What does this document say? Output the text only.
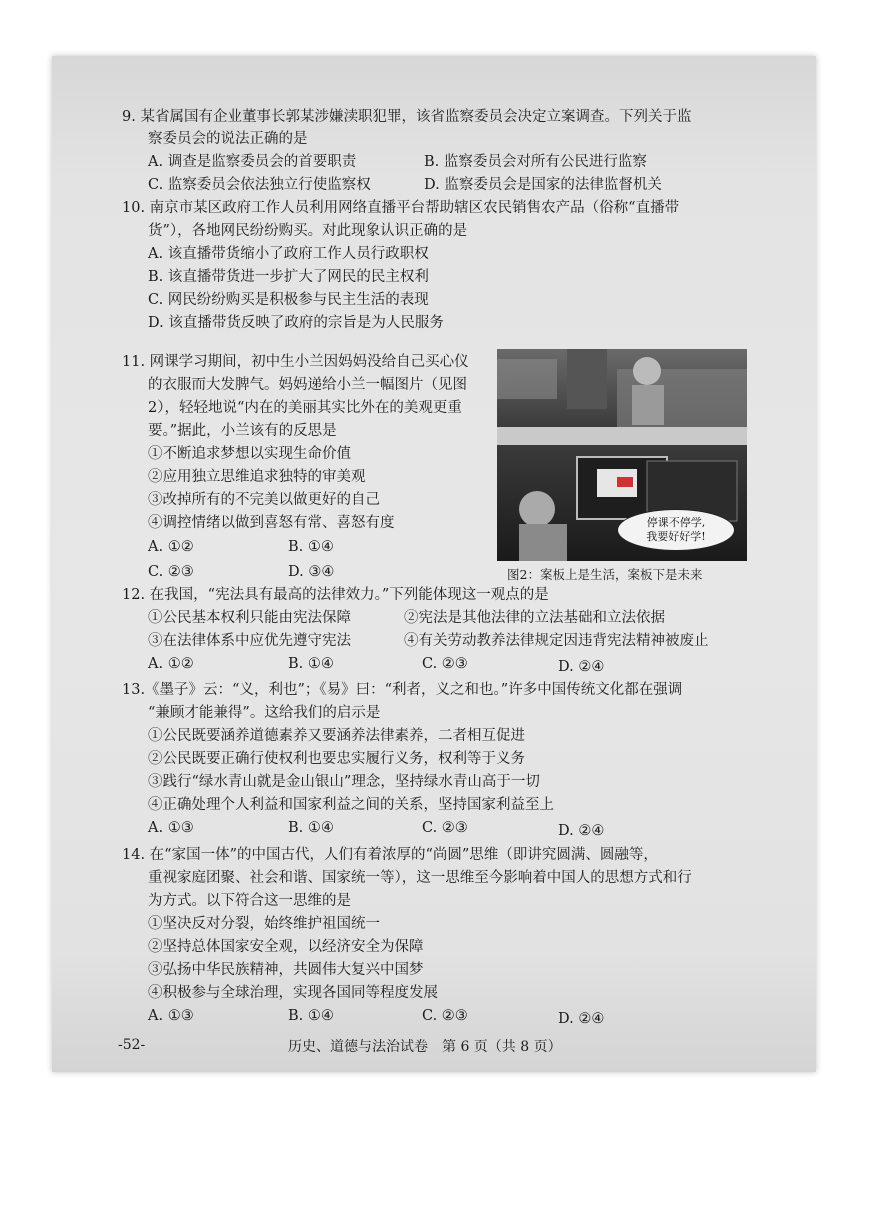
9. 某省属国有企业董事长郭某涉嫌渎职犯罪，该省监察委员会决定立案调查。下列关于监
察委员会的说法正确的是
A. 调查是监察委员会的首要职责	B. 监察委员会对所有公民进行监察
C. 监察委员会依法独立行使监察权	D. 监察委员会是国家的法律监督机关
10. 南京市某区政府工作人员利用网络直播平台帮助辖区农民销售农产品（俗称“直播带
货”），各地网民纷纷购买。对此现象认识正确的是
A. 该直播带货缩小了政府工作人员行政职权
B. 该直播带货进一步扩大了网民的民主权利
C. 网民纷纷购买是积极参与民主生活的表现
D. 该直播带货反映了政府的宗旨是为人民服务
11. 网课学习期间，初中生小兰因妈妈没给自己买心仪
的衣服而大发脾气。妈妈递给小兰一幅图片（见图
2），轻轻地说“内在的美丽其实比外在的美观更重
要。”据此，小兰该有的反思是
①不断追求梦想以实现生命价值
②应用独立思维追求独特的审美观
③改掉所有的不完美以做更好的自己
④调控情绪以做到喜怒有常、喜怒有度
A. ①②	B. ①④
C. ②③	D. ③④
停课不停学,
我要好好学!
图2：案板上是生活，案板下是未来
12. 在我国，“宪法具有最高的法律效力。”下列能体现这一观点的是
①公民基本权利只能由宪法保障	②宪法是其他法律的立法基础和立法依据
③在法律体系中应优先遵守宪法	④有关劳动教养法律规定因违背宪法精神被废止
A. ①②	B. ①④	C. ②③	D. ②④
13.《墨子》云：“义，利也”；《易》曰：“利者，义之和也。”许多中国传统文化都在强调
“兼顾才能兼得”。这给我们的启示是
①公民既要涵养道德素养又要涵养法律素养，二者相互促进
②公民既要正确行使权利也要忠实履行义务，权利等于义务
③践行“绿水青山就是金山银山”理念，坚持绿水青山高于一切
④正确处理个人利益和国家利益之间的关系，坚持国家利益至上
A. ①③	B. ①④	C. ②③	D. ②④
14. 在“家国一体”的中国古代，人们有着浓厚的“尚圆”思维（即讲究圆满、圆融等，
重视家庭团聚、社会和谐、国家统一等），这一思维至今影响着中国人的思想方式和行
为方式。以下符合这一思维的是
①坚决反对分裂，始终维护祖国统一
②坚持总体国家安全观，以经济安全为保障
③弘扬中华民族精神，共圆伟大复兴中国梦
④积极参与全球治理，实现各国同等程度发展
A. ①③	B. ①④	C. ②③	D. ②④
-52-	历史、道德与法治试卷　第 6 页（共 8 页）
